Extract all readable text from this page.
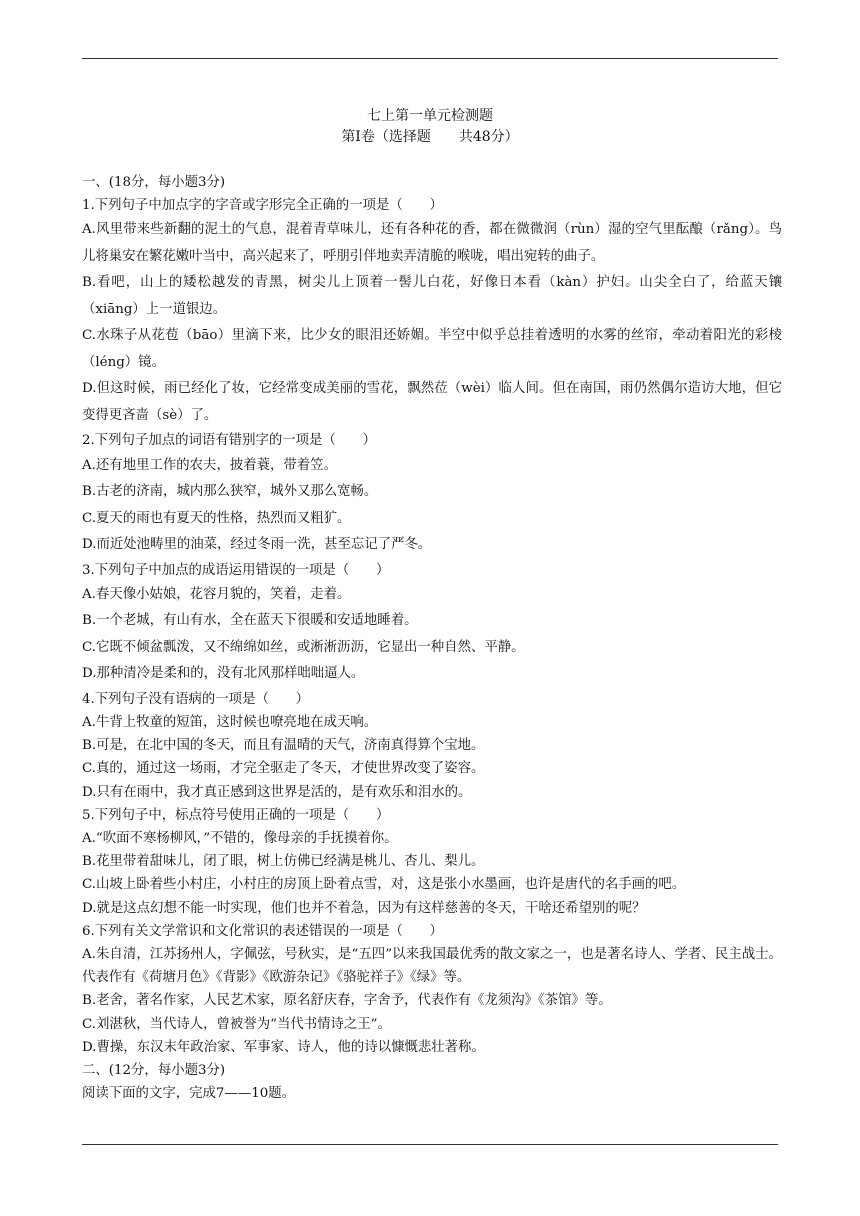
七上第一单元检测题
第Ⅰ卷（选择题　　共48分）

一、(18分，每小题3分)

1.下列句子中加点字的字音或字形完全正确的一项是（　　）

A.风里带来些新翻的泥土的气息，混着青草味儿，还有各种花的香，都在微微润（rùn）湿的空气里酝酿（rǎng）。鸟儿将巢安在繁花嫩叶当中，高兴起来了，呼朋引伴地卖弄清脆的喉咙，唱出宛转的曲子。

B.看吧，山上的矮松越发的青黑，树尖儿上顶着一髻儿白花，好像日本看（kàn）护妇。山尖全白了，给蓝天镶（xiāng）上一道银边。

C.水珠子从花苞（bāo）里滴下来，比少女的眼泪还娇媚。半空中似乎总挂着透明的水雾的丝帘，牵动着阳光的彩棱（léng）镜。

D.但这时候，雨已经化了妆，它经常变成美丽的雪花，飘然莅（wèi）临人间。但在南国，雨仍然偶尔造访大地，但它变得更吝啬（sè）了。

2.下列句子加点的词语有错别字的一项是（　　）

A.还有地里工作的农夫，披着蓑，带着笠。

B.古老的济南，城内那么狭窄，城外又那么宽畅。

C.夏天的雨也有夏天的性格，热烈而又粗犷。

D.而近处池畴里的油菜，经过冬雨一洗，甚至忘记了严冬。

3.下列句子中加点的成语运用错误的一项是（　　）

A.春天像小姑娘，花容月貌的，笑着，走着。

B.一个老城，有山有水，全在蓝天下很暖和安适地睡着。

C.它既不倾盆瓢泼，又不绵绵如丝，或淅淅沥沥，它显出一种自然、平静。

D.那种清冷是柔和的，没有北风那样咄咄逼人。

4.下列句子没有语病的一项是（　　）

A.牛背上牧童的短笛，这时候也嘹亮地在成天响。

B.可是，在北中国的冬天，而且有温晴的天气，济南真得算个宝地。

C.真的，通过这一场雨，才完全驱走了冬天，才使世界改变了姿容。

D.只有在雨中，我才真正感到这世界是活的，是有欢乐和泪水的。

5.下列句子中，标点符号使用正确的一项是（　　）

A.“吹面不寒杨柳风，”不错的，像母亲的手抚摸着你。

B.花里带着甜味儿，闭了眼，树上仿佛已经满是桃儿、杏儿、梨儿。

C.山坡上卧着些小村庄，小村庄的房顶上卧着点雪，对，这是张小水墨画，也许是唐代的名手画的吧。

D.就是这点幻想不能一时实现，他们也并不着急，因为有这样慈善的冬天，干啥还希望别的呢？

6.下列有关文学常识和文化常识的表述错误的一项是（　　）

A.朱自清，江苏扬州人，字佩弦，号秋实，是“五四”以来我国最优秀的散文家之一，也是著名诗人、学者、民主战士。代表作有《荷塘月色》《背影》《欧游杂记》《骆驼祥子》《绿》等。

B.老舍，著名作家，人民艺术家，原名舒庆春，字舍予，代表作有《龙须沟》《茶馆》等。

C.刘湛秋，当代诗人，曾被誉为“当代书情诗之王”。

D.曹操，东汉末年政治家、军事家、诗人，他的诗以慷慨悲壮著称。

二、(12分，每小题3分)

阅读下面的文字，完成7——10题。
